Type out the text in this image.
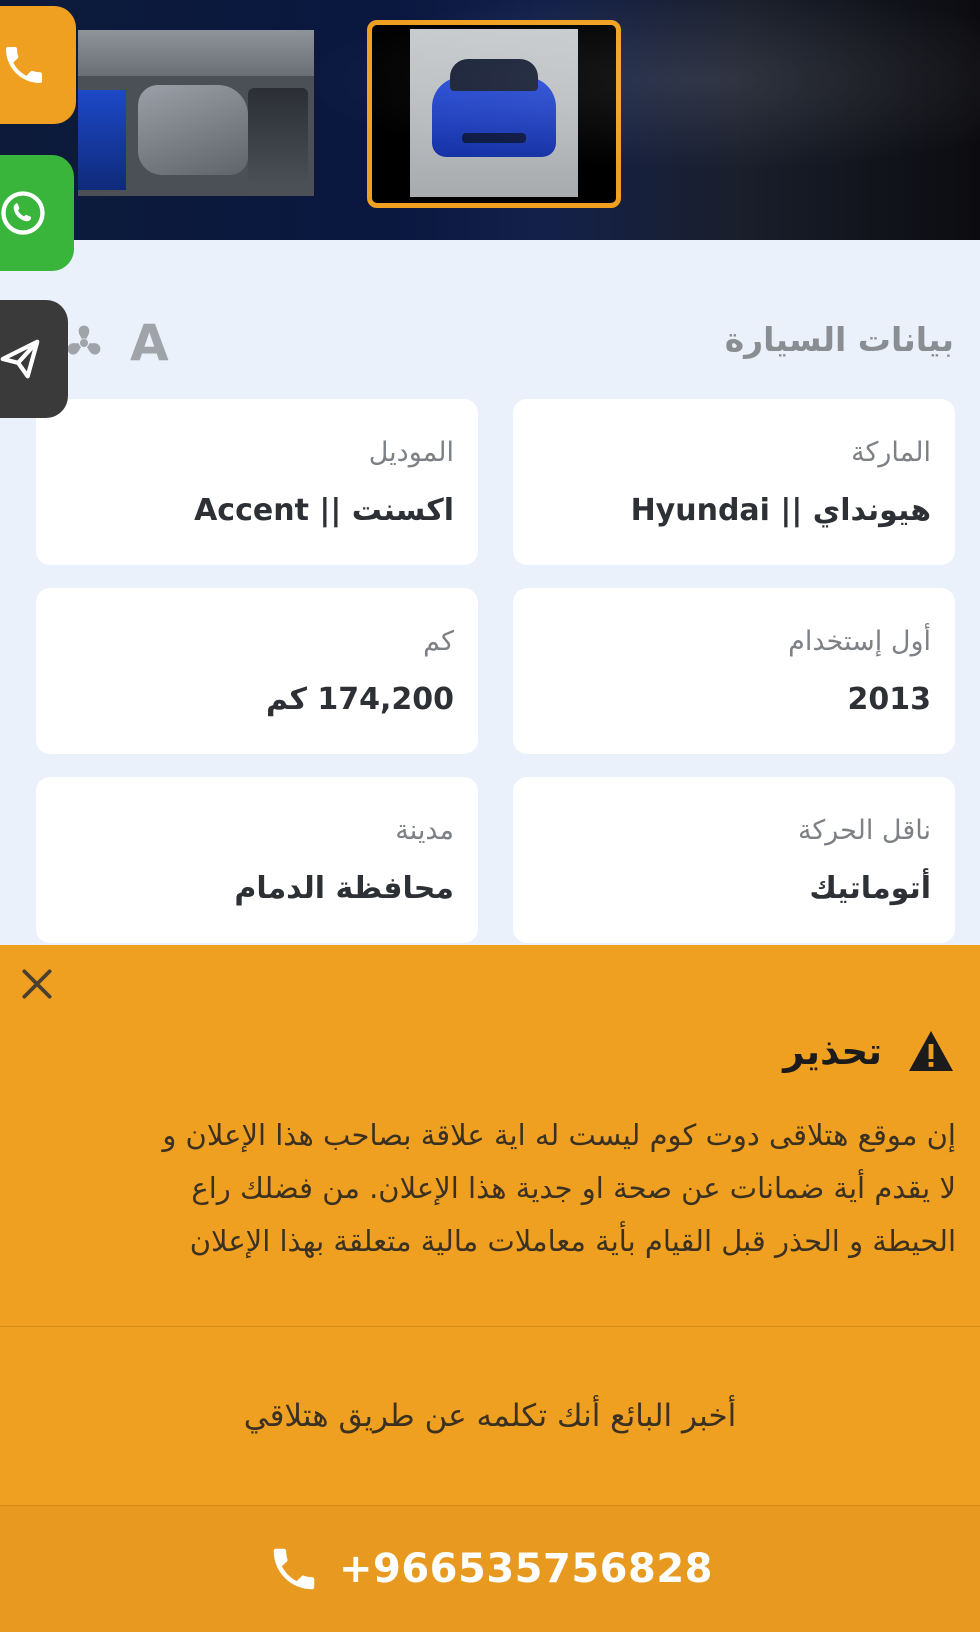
A	بيانات السيارة
الماركة
هيونداي || Hyundai
الموديل
اكسنت || Accent
أول إستخدام
2013
كم
174,200 كم
ناقل الحركة
أتوماتيك
مدينة
محافظة الدمام
تحذير
إن موقع هتلاقى دوت كوم ليست له اية علاقة بصاحب هذا الإعلان و
لا يقدم أية ضمانات عن صحة او جدية هذا الإعلان. من فضلك راع
الحيطة و الحذر قبل القيام بأية معاملات مالية متعلقة بهذا الإعلان
أخبر البائع أنك تكلمه عن طريق هتلاقي
+966535756828
